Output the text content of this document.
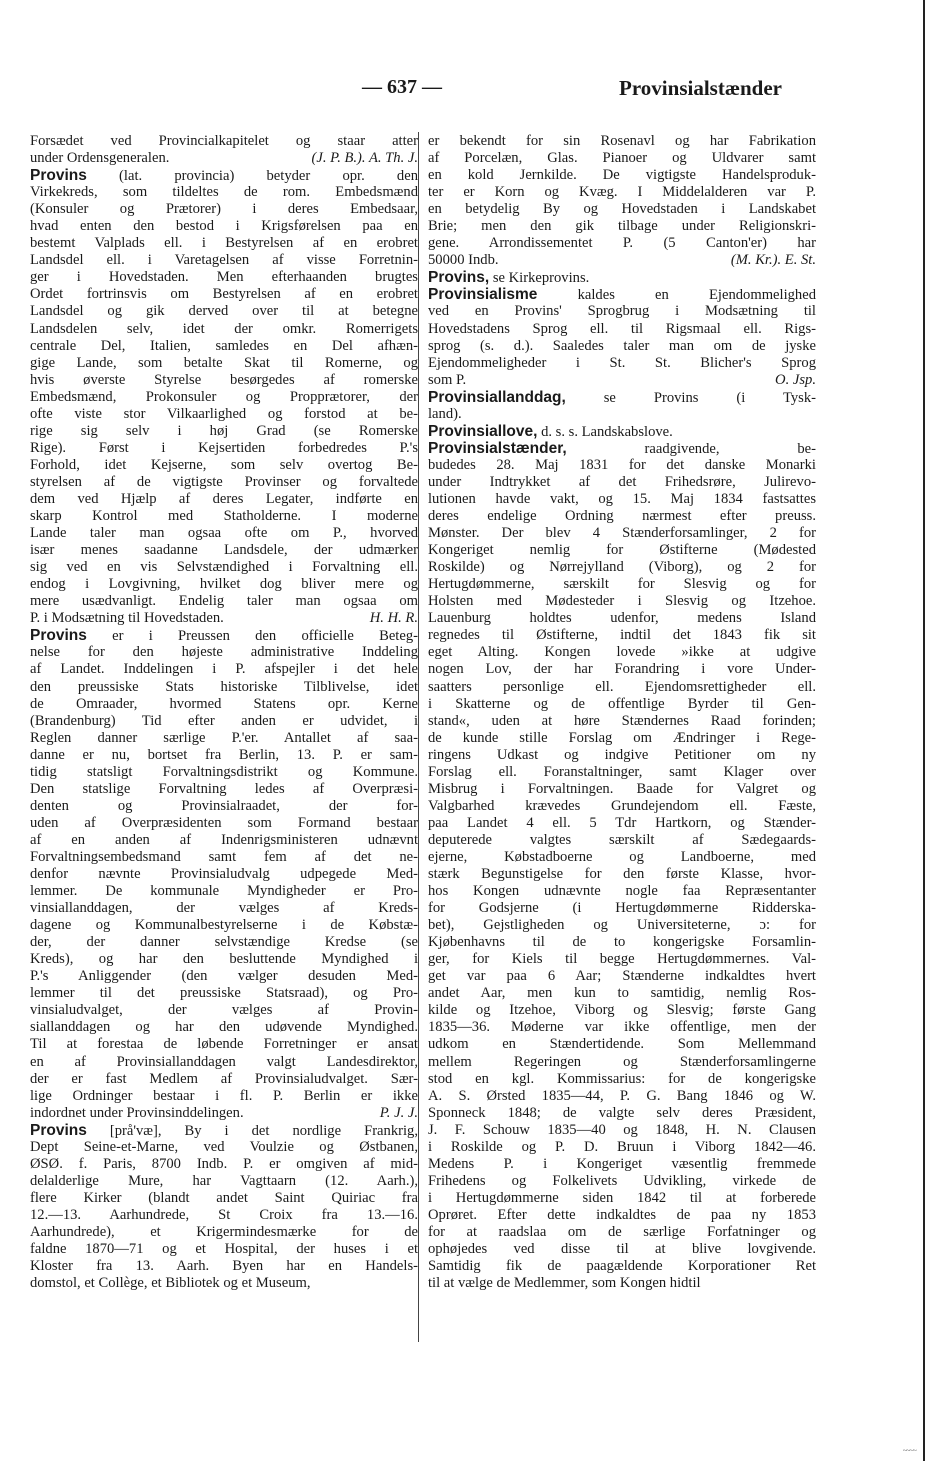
— 637 —	Provinsialstænder
Forsædet ved Provincialkapitelet og staar atter
under Ordensgeneralen.	(J. P. B.). A. Th. J.
Provins (lat. provincia) betyder opr. den
Virkekreds, som tildeltes de rom. Embedsmænd
(Konsuler og Prætorer) i deres Embedsaar,
hvad enten den bestod i Krigsførelsen paa en
bestemt Valplads ell. i Bestyrelsen af en erobret
Landsdel ell. i Varetagelsen af visse Forretnin-
ger i Hovedstaden. Men efterhaanden brugtes
Ordet fortrinsvis om Bestyrelsen af en erobret
Landsdel og gik derved over til at betegne
Landsdelen selv, idet der omkr. Romerrigets
centrale Del, Italien, samledes en Del afhæn-
gige Lande, som betalte Skat til Romerne, og
hvis øverste Styrelse besørgedes af romerske
Embedsmænd, Prokonsuler og Propprætorer, der
ofte viste stor Vilkaarlighed og forstod at be-
rige sig selv i høj Grad (se Romerske
Rige). Først i Kejsertiden forbedredes P.'s
Forhold, idet Kejserne, som selv overtog Be-
styrelsen af de vigtigste Provinser og forvaltede
dem ved Hjælp af deres Legater, indførte en
skarp Kontrol med Statholderne. I moderne
Lande taler man ogsaa ofte om P., hvorved
især menes saadanne Landsdele, der udmærker
sig ved en vis Selvstændighed i Forvaltning ell.
endog i Lovgivning, hvilket dog bliver mere og
mere usædvanligt. Endelig taler man ogsaa om
P. i Modsætning til Hovedstaden.	H. H. R.
Provins er i Preussen den officielle Beteg-
nelse for den højeste administrative Inddeling
af Landet. Inddelingen i P. afspejler i det hele
den preussiske Stats historiske Tilblivelse, idet
de Omraader, hvormed Statens opr. Kerne
(Brandenburg) Tid efter anden er udvidet, i
Reglen danner særlige P.'er. Antallet af saa-
danne er nu, bortset fra Berlin, 13. P. er sam-
tidig statsligt Forvaltningsdistrikt og Kommune.
Den statslige Forvaltning ledes af Overpræsi-
denten og Provinsialraadet, der for-
uden af Overpræsidenten som Formand bestaar
af en anden af Indenrigsministeren udnævnt
Forvaltningsembedsmand samt fem af det ne-
denfor nævnte Provinsialudvalg udpegede Med-
lemmer. De kommunale Myndigheder er Pro-
vinsiallanddagen, der vælges af Kreds-
dagene og Kommunalbestyrelserne i de Købstæ-
der, der danner selvstændige Kredse (se
Kreds), og har den besluttende Myndighed i
P.'s Anliggender (den vælger desuden Med-
lemmer til det preussiske Statsraad), og Pro-
vinsialudvalget, der vælges af Provin-
siallanddagen og har den udøvende Myndighed.
Til at forestaa de løbende Forretninger er ansat
en af Provinsiallanddagen valgt Landesdirektor,
der er fast Medlem af Provinsialudvalget. Sær-
lige Ordninger bestaar i fl. P. Berlin er ikke
indordnet under Provinsinddelingen.	P. J. J.
Provins [prå'væ], By i det nordlige Frankrig,
Dept Seine-et-Marne, ved Voulzie og Østbanen,
ØSØ. f. Paris, 8700 Indb. P. er omgiven af mid-
delalderlige Mure, har Vagttaarn (12. Aarh.),
flere Kirker (blandt andet Saint Quiriac fra
12.—13. Aarhundrede, St Croix fra 13.—16.
Aarhundrede), et Krigermindesmærke for de
faldne 1870—71 og et Hospital, der huses i et
Kloster fra 13. Aarh. Byen har en Handels-
domstol, et Collège, et Bibliotek og et Museum,
er bekendt for sin Rosenavl og har Fabrikation
af Porcelæn, Glas. Pianoer og Uldvarer samt
en kold Jernkilde. De vigtigste Handelsproduk-
ter er Korn og Kvæg. I Middelalderen var P.
en betydelig By og Hovedstaden i Landskabet
Brie; men den gik tilbage under Religionskri-
gene. Arrondissementet P. (5 Canton'er) har
50000 Indb.	(M. Kr.). E. St.
Provins, se Kirkeprovins.
Provinsialisme kaldes en Ejendommelighed
ved en Provins' Sprogbrug i Modsætning til
Hovedstadens Sprog ell. til Rigsmaal ell. Rigs-
sprog (s. d.). Saaledes taler man om de jyske
Ejendommeligheder i St. St. Blicher's Sprog
som P.	O. Jsp.
Provinsiallanddag, se Provins (i Tysk-
land).
Provinsiallove, d. s. s. Landskabslove.
Provinsialstænder, raadgivende, be-
budedes 28. Maj 1831 for det danske Monarki
under Indtrykket af det Frihedsrøre, Julirevo-
lutionen havde vakt, og 15. Maj 1834 fastsattes
deres endelige Ordning nærmest efter preuss.
Mønster. Der blev 4 Stænderforsamlinger, 2 for
Kongeriget nemlig for Østifterne (Mødested
Roskilde) og Nørrejylland (Viborg), og 2 for
Hertugdømmerne, særskilt for Slesvig og for
Holsten med Mødesteder i Slesvig og Itzehoe.
Lauenburg holdtes udenfor, medens Island
regnedes til Østifterne, indtil det 1843 fik sit
eget Alting. Kongen lovede »ikke at udgive
nogen Lov, der har Forandring i vore Under-
saatters personlige ell. Ejendomsrettigheder ell.
i Skatterne og de offentlige Byrder til Gen-
stand«, uden at høre Stændernes Raad forinden;
de kunde stille Forslag om Ændringer i Rege-
ringens Udkast og indgive Petitioner om ny
Forslag ell. Foranstaltninger, samt Klager over
Misbrug i Forvaltningen. Baade for Valgret og
Valgbarhed krævedes Grundejendom ell. Fæste,
paa Landet 4 ell. 5 Tdr Hartkorn, og Stænder-
deputerede valgtes særskilt af Sædegaards-
ejerne, Købstadboerne og Landboerne, med
stærk Begunstigelse for den første Klasse, hvor-
hos Kongen udnævnte nogle faa Repræsentanter
for Godsjerne (i Hertugdømmerne Ridderska-
bet), Gejstligheden og Universiteterne, ɔ: for
Kjøbenhavns til de to kongerigske Forsamlin-
ger, for Kiels til begge Hertugdømmernes. Val-
get var paa 6 Aar; Stænderne indkaldtes hvert
andet Aar, men kun to samtidig, nemlig Ros-
kilde og Itzehoe, Viborg og Slesvig; første Gang
1835—36. Møderne var ikke offentlige, men der
udkom en Stændertidende. Som Mellemmand
mellem Regeringen og Stænderforsamlingerne
stod en kgl. Kommissarius: for de kongerigske
A. S. Ørsted 1835—44, P. G. Bang 1846 og W.
Sponneck 1848; de valgte selv deres Præsident,
J. F. Schouw 1835—40 og 1848, H. N. Clausen
i Roskilde og P. D. Bruun i Viborg 1842—46.
Medens P. i Kongeriget væsentlig fremmede
Frihedens og Folkelivets Udvikling, virkede de
i Hertugdømmerne siden 1842 til at forberede
Oprøret. Efter dette indkaldtes de paa ny 1853
for at raadslaa om de særlige Forfatninger og
ophøjedes ved disse til at blive lovgivende.
Samtidig fik de paagældende Korporationer Ret
til at vælge de Medlemmer, som Kongen hidtil
~~~~
